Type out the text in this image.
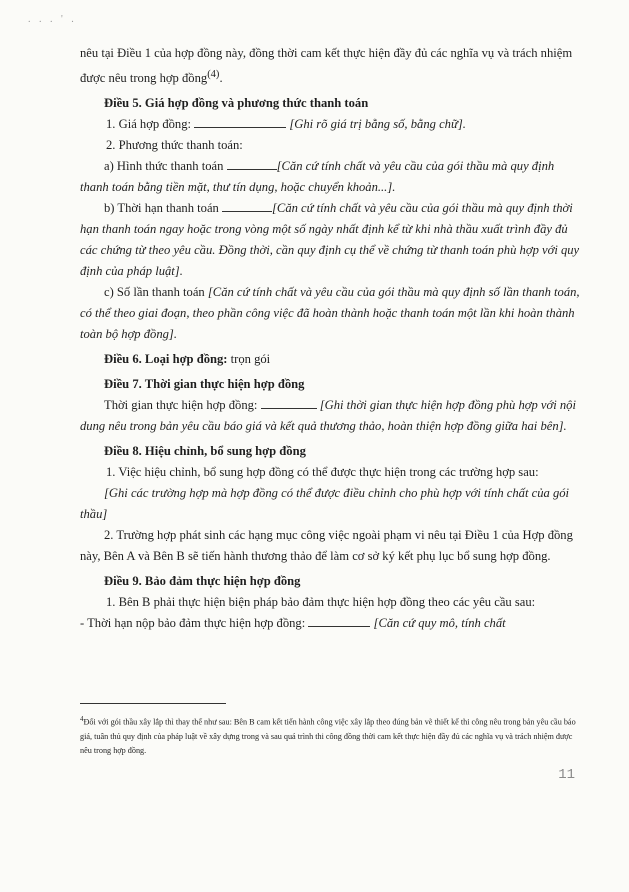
. . . ' .

nêu tại Điều 1 của hợp đồng này, đồng thời cam kết thực hiện đầy đủ các nghĩa vụ và trách nhiệm được nêu trong hợp đồng$^{(4)}$.

Điều 5. Giá hợp đồng và phương thức thanh toán

1. Giá hợp đồng:	[Ghi rõ giá trị bằng số, bằng chữ].

2. Phương thức thanh toán:

a) Hình thức thanh toán	[Căn cứ tính chất và yêu cầu của gói thầu mà quy định thanh toán bằng tiền mặt, thư tín dụng, hoặc chuyển khoản...].

b) Thời hạn thanh toán	[Căn cứ tính chất và yêu cầu của gói thầu mà quy định thời hạn thanh toán ngay hoặc trong vòng một số ngày nhất định kể từ khi nhà thầu xuất trình đầy đủ các chứng từ theo yêu cầu. Đồng thời, cần quy định cụ thể về chứng từ thanh toán phù hợp với quy định của pháp luật].

c) Số lần thanh toán [Căn cứ tính chất và yêu cầu của gói thầu mà quy định số lần thanh toán, có thể theo giai đoạn, theo phần công việc đã hoàn thành hoặc thanh toán một lần khi hoàn thành toàn bộ hợp đồng].

Điều 6. Loại hợp đồng: trọn gói

Điều 7. Thời gian thực hiện hợp đồng

Thời gian thực hiện hợp đồng:	[Ghi thời gian thực hiện hợp đồng phù hợp với nội dung nêu trong bản yêu cầu báo giá và kết quả thương thảo, hoàn thiện hợp đồng giữa hai bên].

Điều 8. Hiệu chỉnh, bổ sung hợp đồng

1. Việc hiệu chỉnh, bổ sung hợp đồng có thể được thực hiện trong các trường hợp sau:

[Ghi các trường hợp mà hợp đồng có thể được điều chỉnh cho phù hợp với tính chất của gói thầu]

2. Trường hợp phát sinh các hạng mục công việc ngoài phạm vi nêu tại Điều 1 của Hợp đồng này, Bên A và Bên B sẽ tiến hành thương thảo để làm cơ sở ký kết phụ lục bổ sung hợp đồng.

Điều 9. Bảo đảm thực hiện hợp đồng

1. Bên B phải thực hiện biện pháp bảo đảm thực hiện hợp đồng theo các yêu cầu sau:

- Thời hạn nộp bảo đảm thực hiện hợp đồng:	[Căn cứ quy mô, tính chất

$^4$Đối với gói thầu xây lắp thì thay thế như sau: Bên B cam kết tiến hành công việc xây lắp theo đúng bản vẽ thiết kế thi công nêu trong bản yêu cầu báo giá, tuân thủ quy định của pháp luật về xây dựng trong và sau quá trình thi công đồng thời cam kết thực hiện đầy đủ các nghĩa vụ và trách nhiệm được nêu trong hợp đồng.
11
